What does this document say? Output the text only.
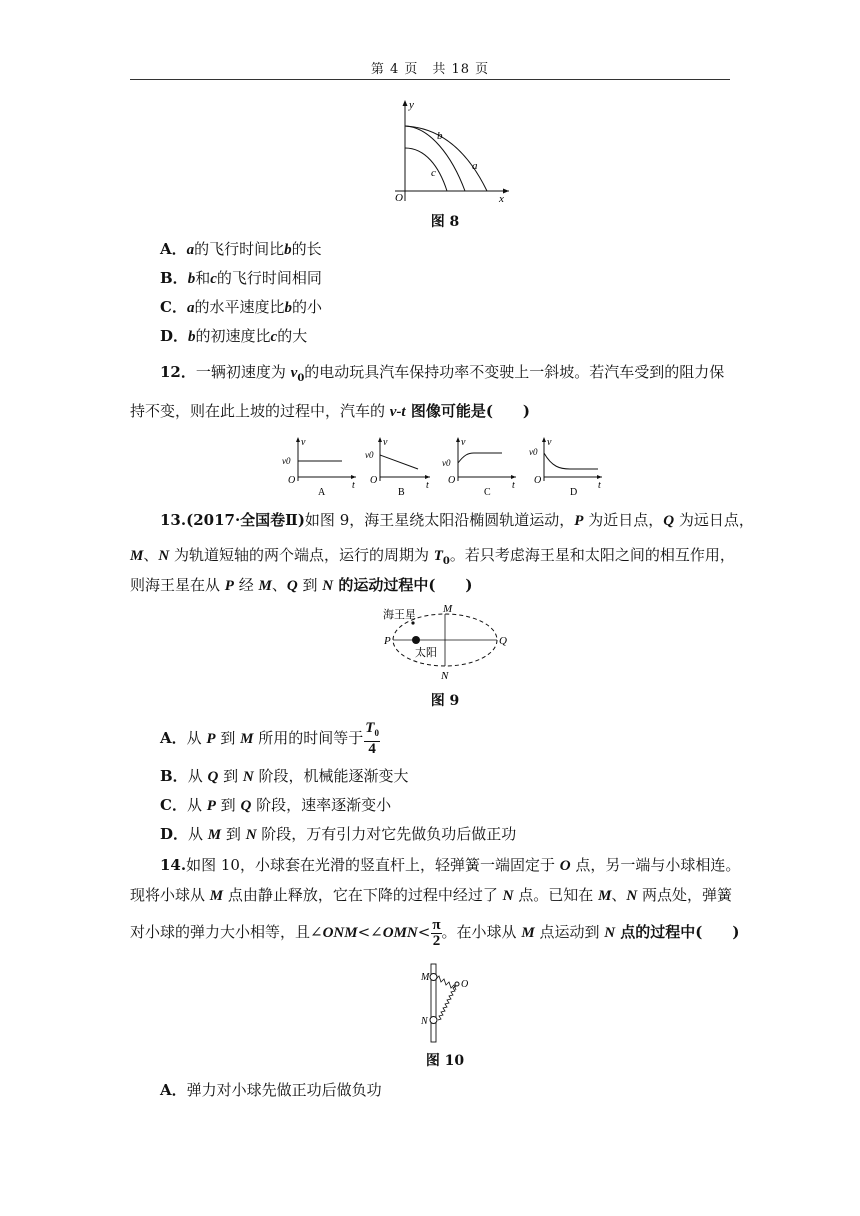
第 4 页　共 18 页
y
x
O
b
a
c
图 8
A．a的飞行时间比b的长
B．b和c的飞行时间相同
C．a的水平速度比b的小
D．b的初速度比c的大
12．一辆初速度为 $v_0$的电动玩具汽车保持功率不变驶上一斜坡。若汽车受到的阻力保
持不变，则在此上坡的过程中，汽车的 v-t 图像可能是(　　)
v
v0
O	t
A
v
v0
O	t
B
v
v0
O	t
C
v
v0
O	t
D
13.(2017·全国卷Ⅱ)如图 9，海王星绕太阳沿椭圆轨道运动，P 为近日点，Q 为远日点，
M、N 为轨道短轴的两个端点，运行的周期为 $T_0$。若只考虑海王星和太阳之间的相互作用，
则海王星在从 P 经 M、Q 到 N 的运动过程中(　　)
海王星
太阳
P	Q
M
N
图 9
A．从 P 到 M 所用的时间等于 $\frac{T_0}{4}$
B．从 Q 到 N 阶段，机械能逐渐变大
C．从 P 到 Q 阶段，速率逐渐变小
D．从 M 到 N 阶段，万有引力对它先做负功后做正功
14.如图 10，小球套在光滑的竖直杆上，轻弹簧一端固定于 O 点，另一端与小球相连。
现将小球从 M 点由静止释放，它在下降的过程中经过了 N 点。已知在 M、N 两点处，弹簧
对小球的弹力大小相等，且∠ONM<∠OMN< $\frac{\pi}{2}$ 。在小球从 M 点运动到 N 点的过程中(　　)
M
N
O
图 10
A．弹力对小球先做正功后做负功
